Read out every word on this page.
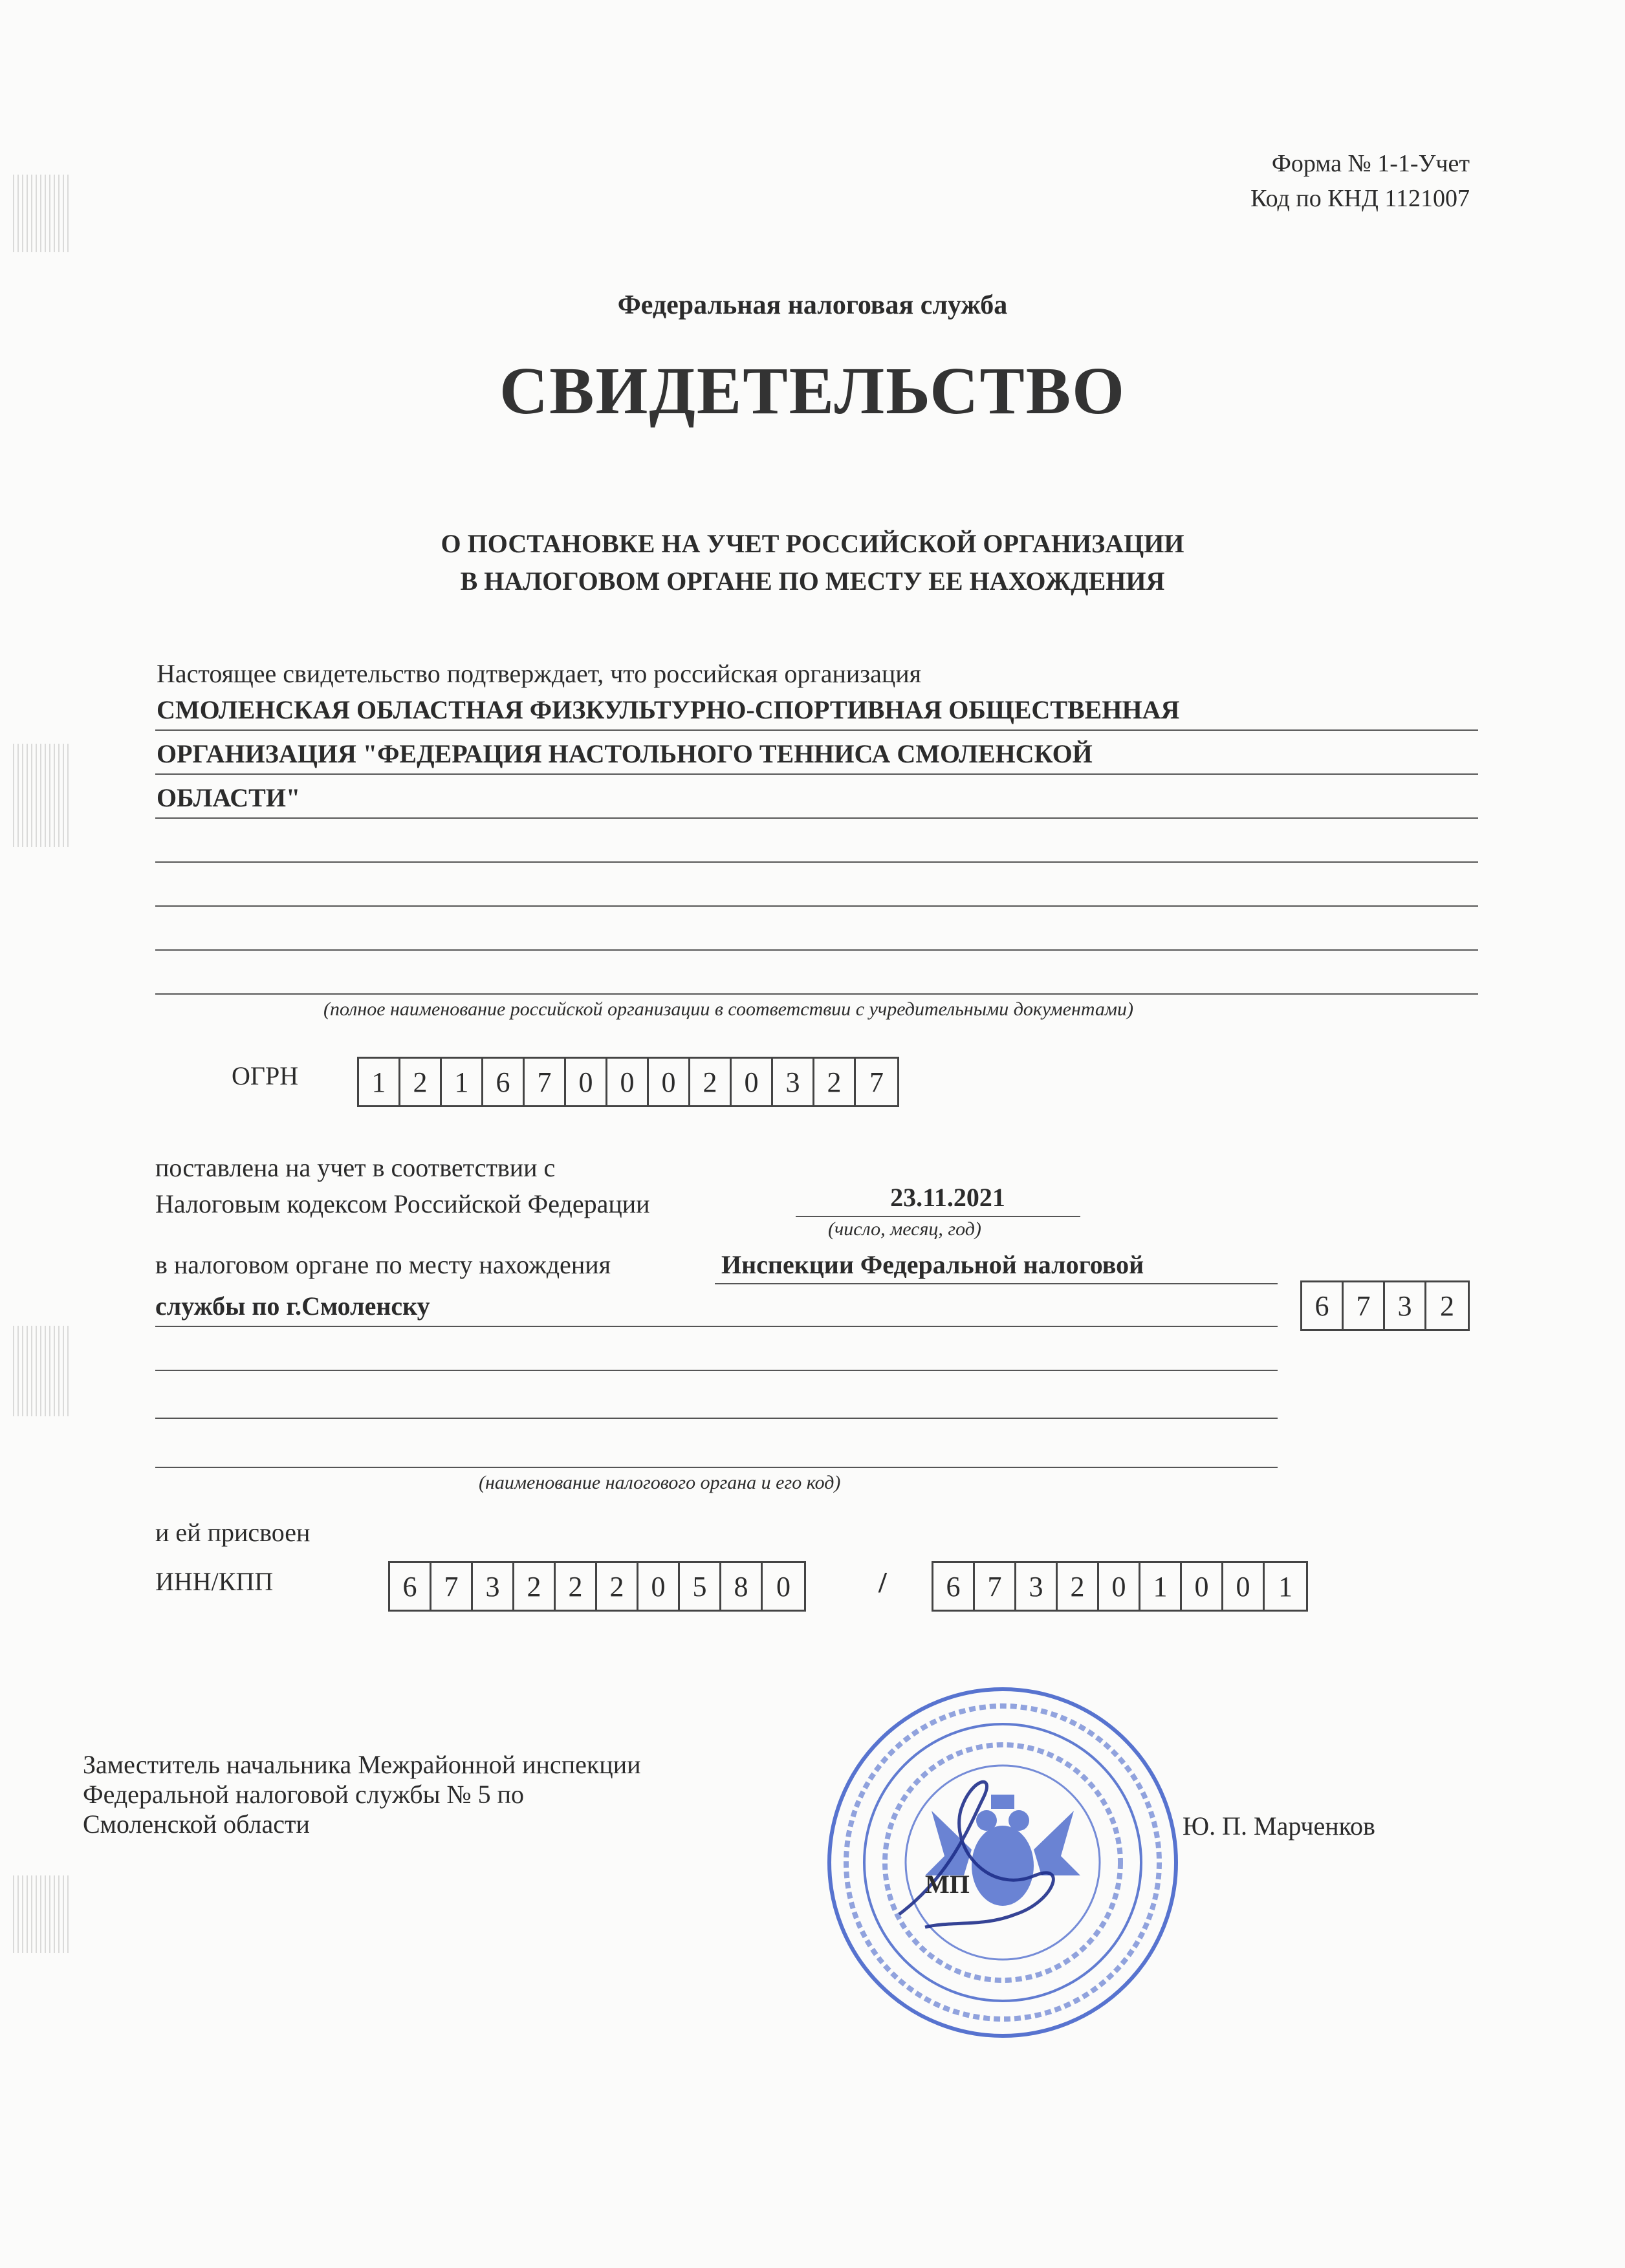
Форма № 1-1-Учет
Код по КНД 1121007
Федеральная налоговая служба
СВИДЕТЕЛЬСТВО
О ПОСТАНОВКЕ НА УЧЕТ РОССИЙСКОЙ ОРГАНИЗАЦИИ
В НАЛОГОВОМ ОРГАНЕ ПО МЕСТУ ЕЕ НАХОЖДЕНИЯ
Настоящее свидетельство подтверждает, что российская организация
СМОЛЕНСКАЯ ОБЛАСТНАЯ ФИЗКУЛЬТУРНО-СПОРТИВНАЯ ОБЩЕСТВЕННАЯ
ОРГАНИЗАЦИЯ "ФЕДЕРАЦИЯ НАСТОЛЬНОГО ТЕННИСА СМОЛЕНСКОЙ
ОБЛАСТИ"
(полное наименование российской организации в соответствии с учредительными документами)
ОГРН	1 2 1 6 7 0 0 0 2 0 3 2 7
поставлена на учет в соответствии с
Налоговым кодексом Российской Федерации	23.11.2021
(число, месяц, год)
в налоговом органе по месту нахождения	Инспекции Федеральной налоговой
службы по г.Смоленску	6 7 3 2
(наименование налогового органа и его код)
и ей присвоен
ИНН/КПП	6 7 3 2 2 2 0 5 8 0	/	6 7 3 2 0 1 0 0 1
Заместитель начальника Межрайонной инспекции
Федеральной налоговой службы № 5 по
Смоленской области	Ю. П. Марченков
МП
